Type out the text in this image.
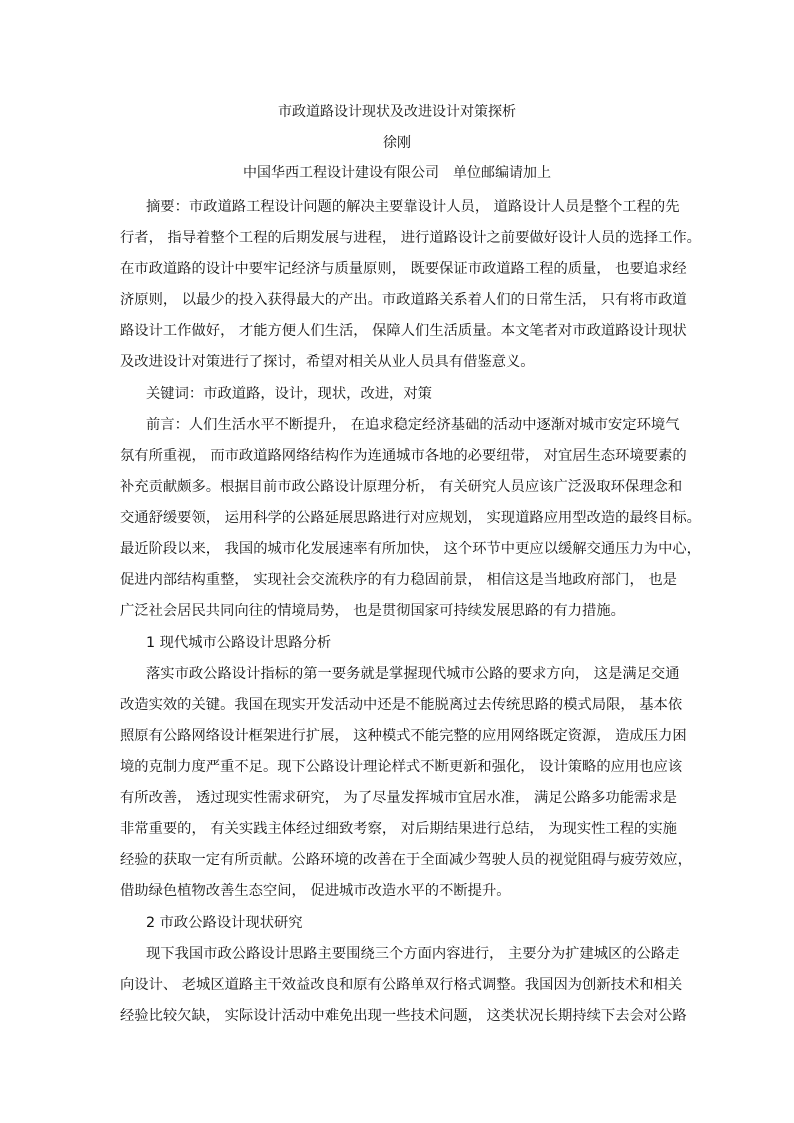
市政道路设计现状及改进设计对策探析
徐刚
中国华西工程设计建设有限公司　单位邮编请加上
摘要：市政道路工程设计问题的解决主要靠设计人员， 道路设计人员是整个工程的先
行者， 指导着整个工程的后期发展与进程， 进行道路设计之前要做好设计人员的选择工作。
在市政道路的设计中要牢记经济与质量原则， 既要保证市政道路工程的质量， 也要追求经
济原则， 以最少的投入获得最大的产出。市政道路关系着人们的日常生活， 只有将市政道
路设计工作做好， 才能方便人们生活， 保障人们生活质量。本文笔者对市政道路设计现状
及改进设计对策进行了探讨，希望对相关从业人员具有借鉴意义。
关键词：市政道路，设计，现状，改进，对策
前言：人们生活水平不断提升， 在追求稳定经济基础的活动中逐渐对城市安定环境气
氛有所重视， 而市政道路网络结构作为连通城市各地的必要纽带， 对宜居生态环境要素的
补充贡献颇多。根据目前市政公路设计原理分析， 有关研究人员应该广泛汲取环保理念和
交通舒缓要领， 运用科学的公路延展思路进行对应规划， 实现道路应用型改造的最终目标。
最近阶段以来， 我国的城市化发展速率有所加快， 这个环节中更应以缓解交通压力为中心，
促进内部结构重整， 实现社会交流秩序的有力稳固前景， 相信这是当地政府部门， 也是
广泛社会居民共同向往的情境局势， 也是贯彻国家可持续发展思路的有力措施。
1 现代城市公路设计思路分析
落实市政公路设计指标的第一要务就是掌握现代城市公路的要求方向， 这是满足交通
改造实效的关键。我国在现实开发活动中还是不能脱离过去传统思路的模式局限， 基本依
照原有公路网络设计框架进行扩展， 这种模式不能完整的应用网络既定资源， 造成压力困
境的克制力度严重不足。现下公路设计理论样式不断更新和强化， 设计策略的应用也应该
有所改善， 透过现实性需求研究， 为了尽量发挥城市宜居水准， 满足公路多功能需求是
非常重要的， 有关实践主体经过细致考察， 对后期结果进行总结， 为现实性工程的实施
经验的获取一定有所贡献。公路环境的改善在于全面减少驾驶人员的视觉阻碍与疲劳效应，
借助绿色植物改善生态空间， 促进城市改造水平的不断提升。
2 市政公路设计现状研究
现下我国市政公路设计思路主要围绕三个方面内容进行， 主要分为扩建城区的公路走
向设计、 老城区道路主干效益改良和原有公路单双行格式调整。我国因为创新技术和相关
经验比较欠缺， 实际设计活动中难免出现一些技术问题， 这类状况长期持续下去会对公路
